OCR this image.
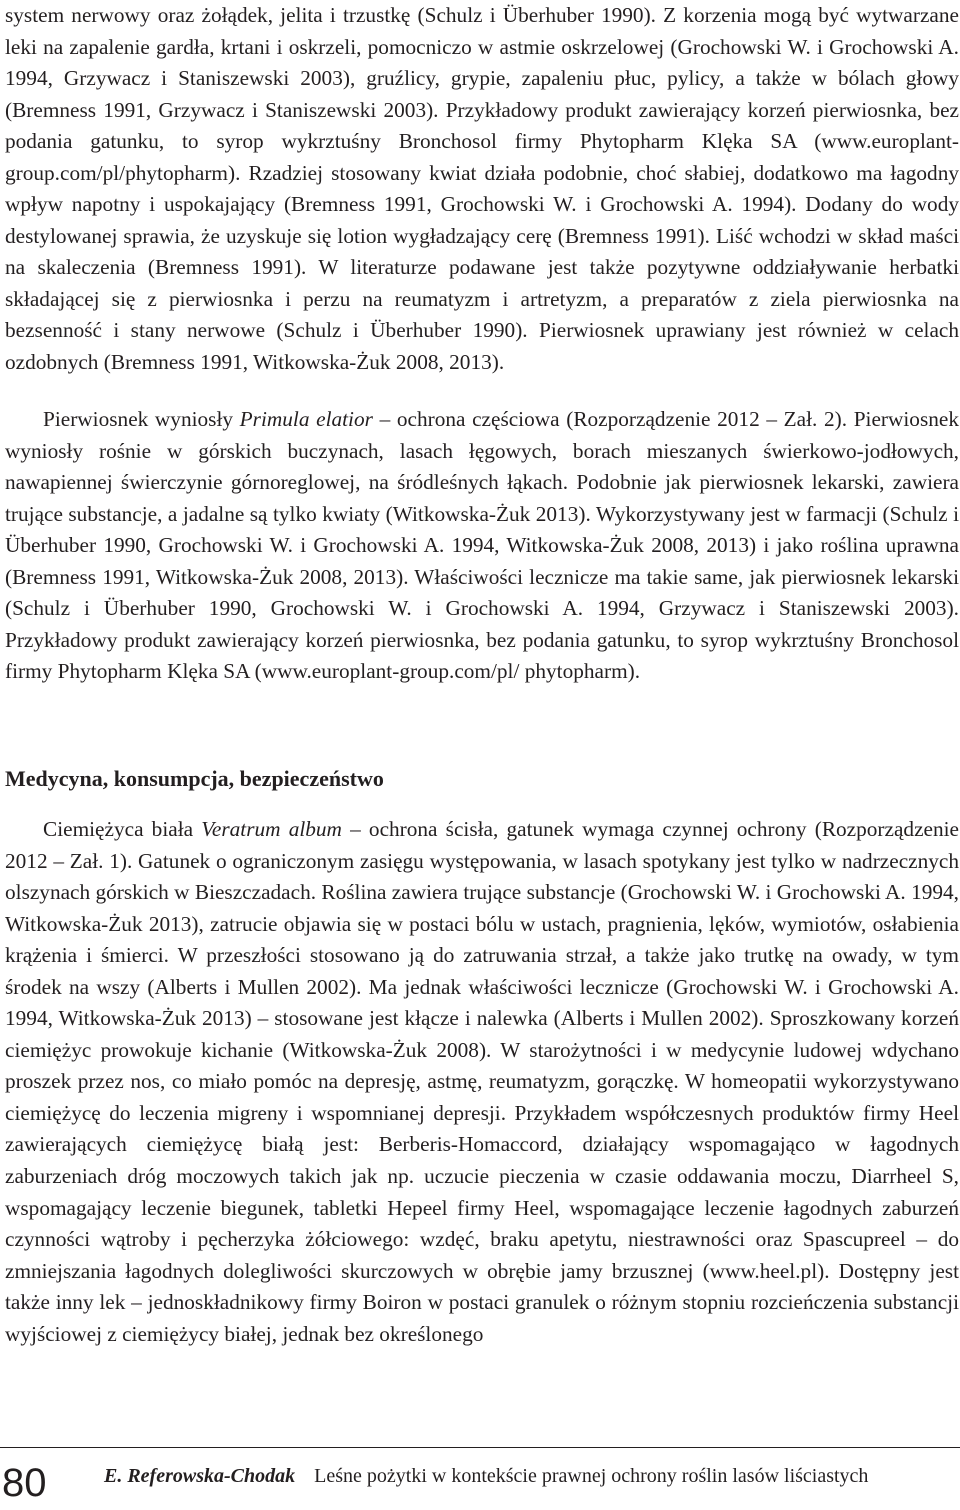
system nerwowy oraz żołądek, jelita i trzustkę (Schulz i Überhuber 1990). Z korzenia mogą być wytwarzane leki na zapalenie gardła, krtani i oskrzeli, pomocniczo w astmie oskrzelowej (Grochowski W. i Grochowski A. 1994, Grzywacz i Staniszewski 2003), gruźlicy, grypie, zapaleniu płuc, pylicy, a także w bólach głowy (Bremness 1991, Grzywacz i Staniszewski 2003). Przykładowy produkt zawierający korzeń pierwiosnka, bez podania gatunku, to syrop wykrztuśny Bronchosol firmy Phytopharm Klęka SA (www.europlant-group.com/pl/phytopharm). Rzadziej stosowany kwiat działa podobnie, choć słabiej, dodatkowo ma łagodny wpływ napotny i uspokajający (Bremness 1991, Grochowski W. i Grochowski A. 1994). Dodany do wody destylowanej sprawia, że uzyskuje się lotion wygładzający cerę (Bremness 1991). Liść wchodzi w skład maści na skaleczenia (Bremness 1991). W literaturze podawane jest także pozytywne oddziaływanie herbatki składającej się z pierwiosnka i perzu na reumatyzm i artretyzm, a preparatów z ziela pierwiosnka na bezsenność i stany nerwowe (Schulz i Überhuber 1990). Pierwiosnek uprawiany jest również w celach ozdobnych (Bremness 1991, Witkowska-Żuk 2008, 2013).

Pierwiosnek wyniosły Primula elatior – ochrona częściowa (Rozporządzenie 2012 – Zał. 2). Pierwiosnek wyniosły rośnie w górskich buczynach, lasach łęgowych, borach mieszanych świerkowo-jodłowych, nawapiennej świerczynie górnoreglowej, na śródleśnych łąkach. Podobnie jak pierwiosnek lekarski, zawiera trujące substancje, a jadalne są tylko kwiaty (Witkowska-Żuk 2013). Wykorzystywany jest w farmacji (Schulz i Überhuber 1990, Grochowski W. i Grochowski A. 1994, Witkowska-Żuk 2008, 2013) i jako roślina uprawna (Bremness 1991, Witkowska-Żuk 2008, 2013). Właściwości lecznicze ma takie same, jak pierwiosnek lekarski (Schulz i Überhuber 1990, Grochowski W. i Grochowski A. 1994, Grzywacz i Staniszewski 2003). Przykładowy produkt zawierający korzeń pierwiosnka, bez podania gatunku, to syrop wykrztuśny Bronchosol firmy Phytopharm Klęka SA (www.europlant-group.com/pl/ phytopharm).

Medycyna, konsumpcja, bezpieczeństwo

Ciemiężyca biała Veratrum album – ochrona ścisła, gatunek wymaga czynnej ochrony (Rozporządzenie 2012 – Zał. 1). Gatunek o ograniczonym zasięgu występowania, w lasach spotykany jest tylko w nadrzecznych olszynach górskich w Bieszczadach. Roślina zawiera trujące substancje (Grochowski W. i Grochowski A. 1994, Witkowska-Żuk 2013), zatrucie objawia się w postaci bólu w ustach, pragnienia, lęków, wymiotów, osłabienia krążenia i śmierci. W przeszłości stosowano ją do zatruwania strzał, a także jako trutkę na owady, w tym środek na wszy (Alberts i Mullen 2002). Ma jednak właściwości lecznicze (Grochowski W. i Grochowski A. 1994, Witkowska-Żuk 2013) – stosowane jest kłącze i nalewka (Alberts i Mullen 2002). Sproszkowany korzeń ciemiężyc prowokuje kichanie (Witkowska-Żuk 2008). W starożytności i w medycynie ludowej wdychano proszek przez nos, co miało pomóc na depresję, astmę, reumatyzm, gorączkę. W homeopatii wykorzystywano ciemiężycę do leczenia migreny i wspomnianej depresji. Przykładem współczesnych produktów firmy Heel zawierających ciemiężycę białą jest: Berberis-Homaccord, działający wspomagająco w łagodnych zaburzeniach dróg moczowych takich jak np. uczucie pieczenia w czasie oddawania moczu, Diarrheel S, wspomagający leczenie biegunek, tabletki Hepeel firmy Heel, wspomagające leczenie łagodnych zaburzeń czynności wątroby i pęcherzyka żółciowego: wzdęć, braku apetytu, niestrawności oraz Spascupreel – do zmniejszania łagodnych dolegliwości skurczowych w obrębie jamy brzusznej (www.heel.pl). Dostępny jest także inny lek – jednoskładnikowy firmy Boiron w postaci granulek o różnym stopniu rozcieńczenia substancji wyjściowej z ciemiężycy białej, jednak bez określonego

80	E. Referowska-Chodak Leśne pożytki w kontekście prawnej ochrony roślin lasów liściastych
